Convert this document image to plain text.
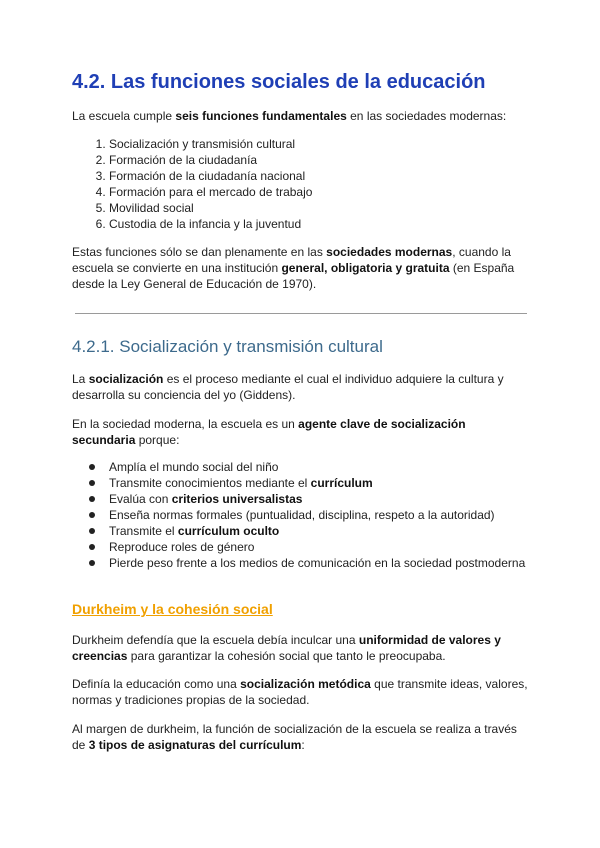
4.2. Las funciones sociales de la educación

La escuela cumple seis funciones fundamentales en las sociedades modernas:

1. Socialización y transmisión cultural
2. Formación de la ciudadanía
3. Formación de la ciudadanía nacional
4. Formación para el mercado de trabajo
5. Movilidad social
6. Custodia de la infancia y la juventud

Estas funciones sólo se dan plenamente en las sociedades modernas, cuando la escuela se convierte en una institución general, obligatoria y gratuita (en España desde la Ley General de Educación de 1970).

4.2.1. Socialización y transmisión cultural

La socialización es el proceso mediante el cual el individuo adquiere la cultura y desarrolla su conciencia del yo (Giddens).

En la sociedad moderna, la escuela es un agente clave de socialización secundaria porque:

Amplía el mundo social del niño
Transmite conocimientos mediante el currículum
Evalúa con criterios universalistas
Enseña normas formales (puntualidad, disciplina, respeto a la autoridad)
Transmite el currículum oculto
Reproduce roles de género
Pierde peso frente a los medios de comunicación en la sociedad postmoderna
Durkheim y la cohesión social

Durkheim defendía que la escuela debía inculcar una uniformidad de valores y creencias para garantizar la cohesión social que tanto le preocupaba.

Definía la educación como una socialización metódica que transmite ideas, valores, normas y tradiciones propias de la sociedad.

Al margen de durkheim, la función de socialización de la escuela se realiza a través de 3 tipos de asignaturas del currículum:
